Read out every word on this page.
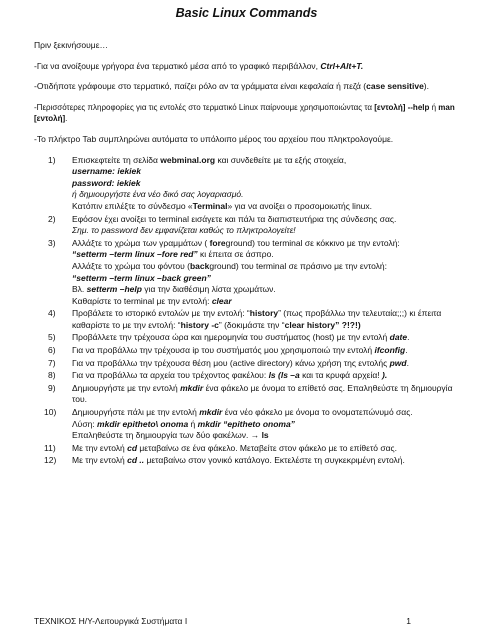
Basic Linux Commands

Πριν ξεκινήσουμε…

-Για να ανοίξουμε γρήγορα ένα τερματικό μέσα από το γραφικό περιβάλλον, Ctrl+Alt+T.

-Οτιδήποτε γράφουμε στο τερματικό, παίζει ρόλο αν τα γράμματα είναι κεφαλαία ή πεζά (case sensitive).

-Περισσότερες πληροφορίες για τις εντολές στο τερματικό Linux παίρνουμε χρησιμοποιώντας τα [εντολή] --help ή man [εντολή].

-Το πλήκτρο Tab συμπληρώνει αυτόματα το υπόλοιπο μέρος του αρχείου που πληκτρολογούμε.

1) Επισκεφτείτε τη σελίδα webminal.org και συνδεθείτε με τα εξής στοιχεία,
username: iekiek
password: iekiek
ή δημιουργήστε ένα νέο δικό σας λογαριασμό.
Κατόπιν επιλέξτε το σύνδεσμο «Terminal» για να ανοίξει ο προσομοιωτής linux.
2) Εφόσον έχει ανοίξει το terminal εισάγετε και πάλι τα διαπιστευτήρια της σύνδεσης σας.
Σημ. το password δεν εμφανίζεται καθώς το πληκτρολογείτε!
3) Αλλάξτε το χρώμα των γραμμάτων ( foreground) του terminal σε κόκκινο με την εντολή:
“setterm –term linux –fore red” κι έπειτα σε άσπρο.
Αλλάξτε το χρώμα του φόντου (background) του terminal σε πράσινο με την εντολή:
“setterm –term linux –back green”
Βλ. setterm –help για την διαθέσιμη λίστα χρωμάτων.
Καθαρίστε το terminal με την εντολή: clear
4) Προβάλετε το ιστορικό εντολών με την εντολή: “history” (πως προβάλλω την τελευταία;;;) κι έπειτα καθαρίστε το με την εντολή: “history -c” (δοκιμάστε την “clear history” ?!?!)
5) Προβάλλετε την τρέχουσα ώρα και ημερομηνία του συστήματος (host) με την εντολή date.
6) Για να προβάλλω την τρέχουσα ip του συστήματός μου χρησιμοποιώ την εντολή ifconfig.
7) Για να προβάλλω την τρέχουσα θέση μου (active directory) κάνω χρήση της εντολής pwd.
8) Για να προβάλλω τα αρχεία του τρέχοντος φακέλου: ls (ls –a και τα κρυφά αρχεία! ).
9) Δημιουργήστε με την εντολή mkdir ένα φάκελο με όνομα το επίθετό σας. Επαληθεύστε τη δημιουργία του.
10) Δημιουργήστε πάλι με την εντολή mkdir ένα νέο φάκελο με όνομα το ονοματεπώνυμό σας.
Λύση: mkdir epitheto\ onoma ή mkdir “epitheto onoma”
Επαληθεύστε τη δημιουργία των δύο φακέλων. → ls
11) Με την εντολή cd μεταβαίνω σε ένα φάκελο. Μεταβείτε στον φάκελο με το επίθετό σας.
12) Με την εντολή cd .. μεταβαίνω στον γονικό κατάλογο. Εκτελέστε τη συγκεκριμένη εντολή.
ΤΕΧΝΙΚΟΣ Η/Υ-Λειτουργικά Συστήματα Ι	1
